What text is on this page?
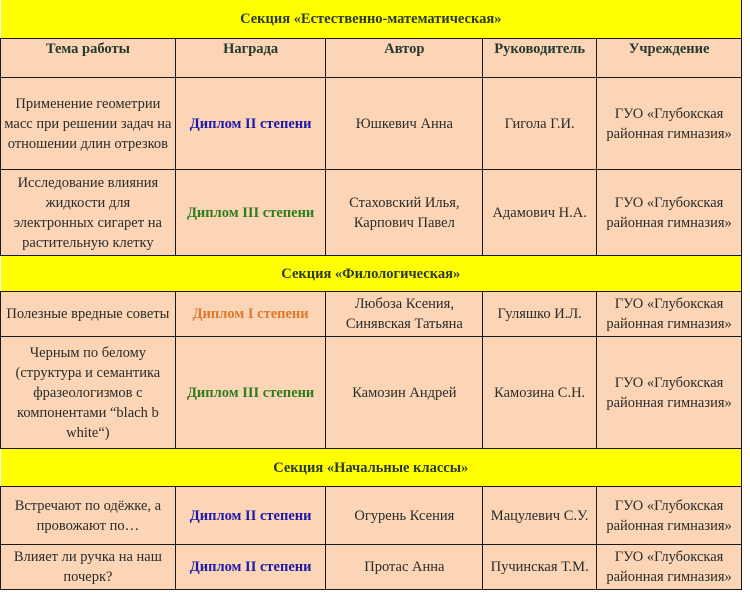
Секция «Естественно-математическая»				
Тема работы	Награда	Автор	Руководитель	Учреждение
Применение геометрии масс при решении задач на отношении длин отрезков	Диплом II степени	Юшкевич Анна	Гигола Г.И.	ГУО «Глубокская районная гимназия»
Исследование влияния жидкости для электронных сигарет на растительную клетку	Диплом III степени	Стаховский Илья, Карпович Павел	Адамович Н.А.	ГУО «Глубокская районная гимназия»
Секция «Филологическая»				
Полезные вредные советы	Диплом I степени	Любоза Ксения, Синявская Татьяна	Гуляшко И.Л.	ГУО «Глубокская районная гимназия»
Черным по белому (структура и семантика фразеологизмов с компонентами “blach b white“)	Диплом III степени	Камозин Андрей	Камозина С.Н.	ГУО «Глубокская районная гимназия»
Секция «Начальные классы»				
Встречают по одёжке, а провожают по…	Диплом II степени	Огурень Ксения	Мацулевич С.У.	ГУО «Глубокская районная гимназия»
Влияет ли ручка на наш почерк?	Диплом II степени	Протас Анна	Пучинская Т.М.	ГУО «Глубокская районная гимназия»
